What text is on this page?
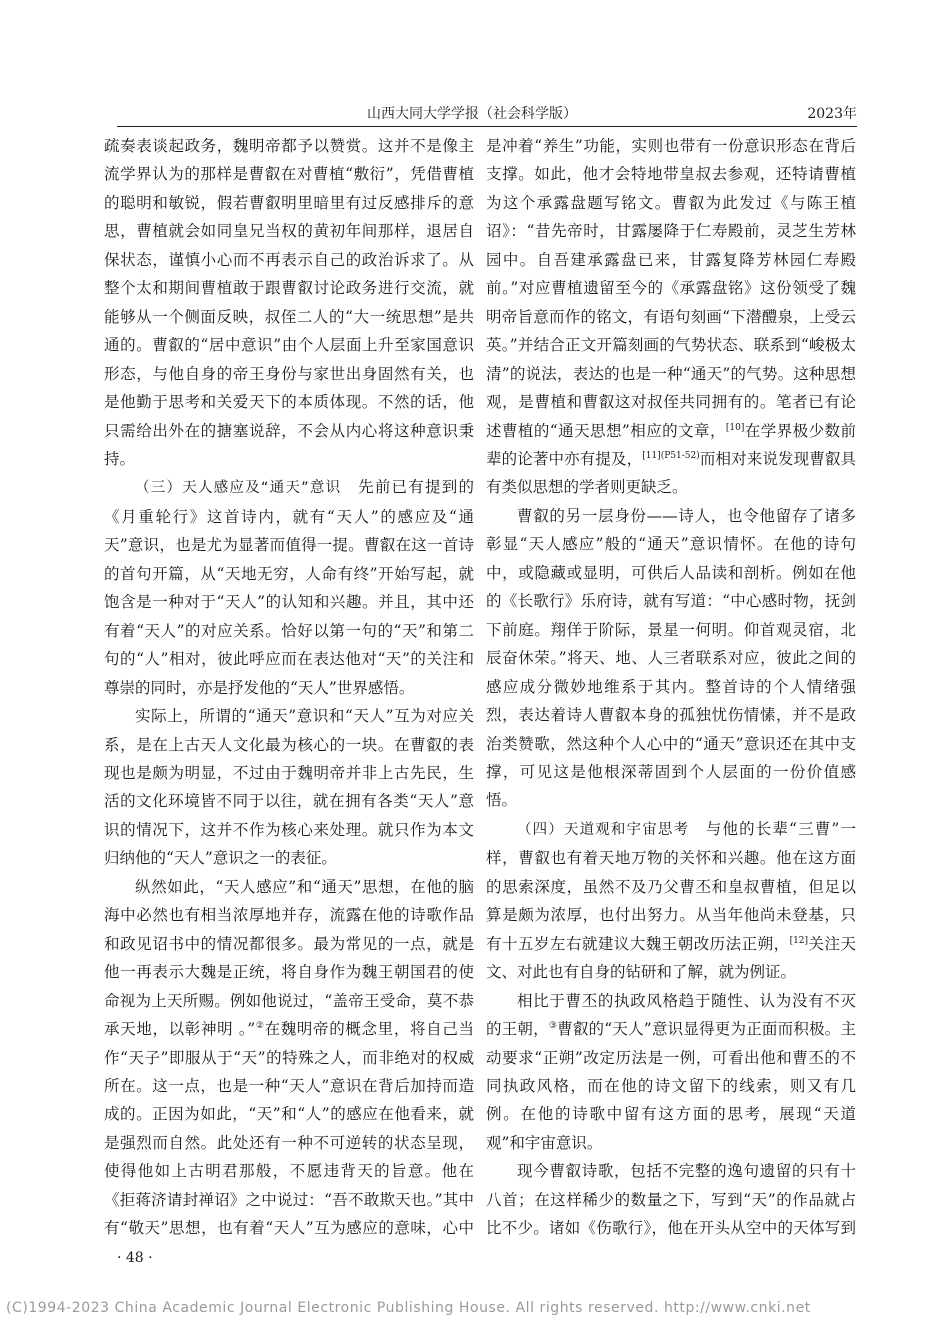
山西大同大学学报（社会科学版）	2023年

疏奏表谈起政务，魏明帝都予以赞赏。这并不是像主流学界认为的那样是曹叡在对曹植“敷衍”，凭借曹植的聪明和敏锐，假若曹叡明里暗里有过反感排斥的意思，曹植就会如同皇兄当权的黄初年间那样，退居自保状态，谨慎小心而不再表示自己的政治诉求了。从整个太和期间曹植敢于跟曹叡讨论政务进行交流，就能够从一个侧面反映，叔侄二人的“大一统思想”是共通的。曹叡的“居中意识”由个人层面上升至家国意识形态，与他自身的帝王身份与家世出身固然有关，也是他勤于思考和关爱天下的本质体现。不然的话，他只需给出外在的搪塞说辞，不会从内心将这种意识秉持。

（三）天人感应及“通天”意识　 先前已有提到的《月重轮行》这首诗内，就有“天人”的感应及“通天”意识，也是尤为显著而值得一提。曹叡在这一首诗的首句开篇，从“天地无穷，人命有终”开始写起，就饱含是一种对于“天人”的认知和兴趣。并且，其中还有着“天人”的对应关系。恰好以第一句的“天”和第二句的“人”相对，彼此呼应而在表达他对“天”的关注和尊崇的同时，亦是抒发他的“天人”世界感悟。

实际上，所谓的“通天”意识和“天人”互为对应关系，是在上古天人文化最为核心的一块。在曹叡的表现也是颇为明显，不过由于魏明帝并非上古先民，生活的文化环境皆不同于以往，就在拥有各类“天人”意识的情况下，这并不作为核心来处理。就只作为本文归纳他的“天人”意识之一的表征。

纵然如此，“天人感应”和“通天”思想，在他的脑海中必然也有相当浓厚地并存，流露在他的诗歌作品和政见诏书中的情况都很多。最为常见的一点，就是他一再表示大魏是正统，将自身作为魏王朝国君的使命视为上天所赐。例如他说过，“盖帝王受命，莫不恭承天地，以彰神明 。”②在魏明帝的概念里，将自己当作“天子”即服从于“天”的特殊之人，而非绝对的权威所在。这一点，也是一种“天人”意识在背后加持而造成的。正因为如此，“天”和“人”的感应在他看来，就是强烈而自然。此处还有一种不可逆转的状态呈现，使得他如上古明君那般，不愿违背天的旨意。他在《拒蒋济请封禅诏》之中说过：“吾不敢欺天也。”其中有“敬天”思想，也有着“天人”互为感应的意味，心中

是冲着“养生”功能，实则也带有一份意识形态在背后支撑。如此，他才会特地带皇叔去参观，还特请曹植为这个承露盘题写铭文。曹叡为此发过《与陈王植诏》：“昔先帝时，甘露屡降于仁寿殿前，灵芝生芳林园中。自吾建承露盘已来，甘露复降芳林园仁寿殿前。”对应曹植遗留至今的《承露盘铭》这份领受了魏明帝旨意而作的铭文，有语句刻画“下潜醴泉，上受云英。”并结合正文开篇刻画的气势状态、联系到“峻极太清”的说法，表达的也是一种“通天”的气势。这种思想观，是曹植和曹叡这对叔侄共同拥有的。笔者已有论述曹植的“通天思想”相应的文章，[10]在学界极少数前辈的论著中亦有提及，$^{[11](P51-52)}$而相对来说发现曹叡具有类似思想的学者则更缺乏。

曹叡的另一层身份——诗人，也令他留存了诸多彰显“天人感应”般的“通天”意识情怀。在他的诗句中，或隐藏或显明，可供后人品读和剖析。例如在他的《长歌行》乐府诗，就有写道：“中心感时物，抚剑下前庭。翔佯于阶际，景星一何明。仰首观灵宿，北辰奋休荣。”将天、地、人三者联系对应，彼此之间的感应成分微妙地维系于其内。整首诗的个人情绪强烈，表达着诗人曹叡本身的孤独忧伤情愫，并不是政治类赞歌，然这种个人心中的“通天”意识还在其中支撑，可见这是他根深蒂固到个人层面的一份价值感悟。

（四）天道观和宇宙思考　 与他的长辈“三曹”一样，曹叡也有着天地万物的关怀和兴趣。他在这方面的思索深度，虽然不及乃父曹丕和皇叔曹植，但足以算是颇为浓厚，也付出努力。从当年他尚未登基，只有十五岁左右就建议大魏王朝改历法正朔，[12]关注天文、对此也有自身的钻研和了解，就为例证。

相比于曹丕的执政风格趋于随性、认为没有不灭的王朝，③曹叡的“天人”意识显得更为正面而积极。主动要求“正朔”改定历法是一例，可看出他和曹丕的不同执政风格，而在他的诗文留下的线索，则又有几例。在他的诗歌中留有这方面的思考，展现“天道观”和宇宙意识。

现今曹叡诗歌，包括不完整的逸句遗留的只有十八首；在这样稀少的数量之下，写到“天”的作品就占比不少。诸如《伤歌行》，他在开头从空中的天体写到

· 48 ·
(C)1994-2023 China Academic Journal Electronic Publishing House. All rights reserved. http://www.cnki.net
